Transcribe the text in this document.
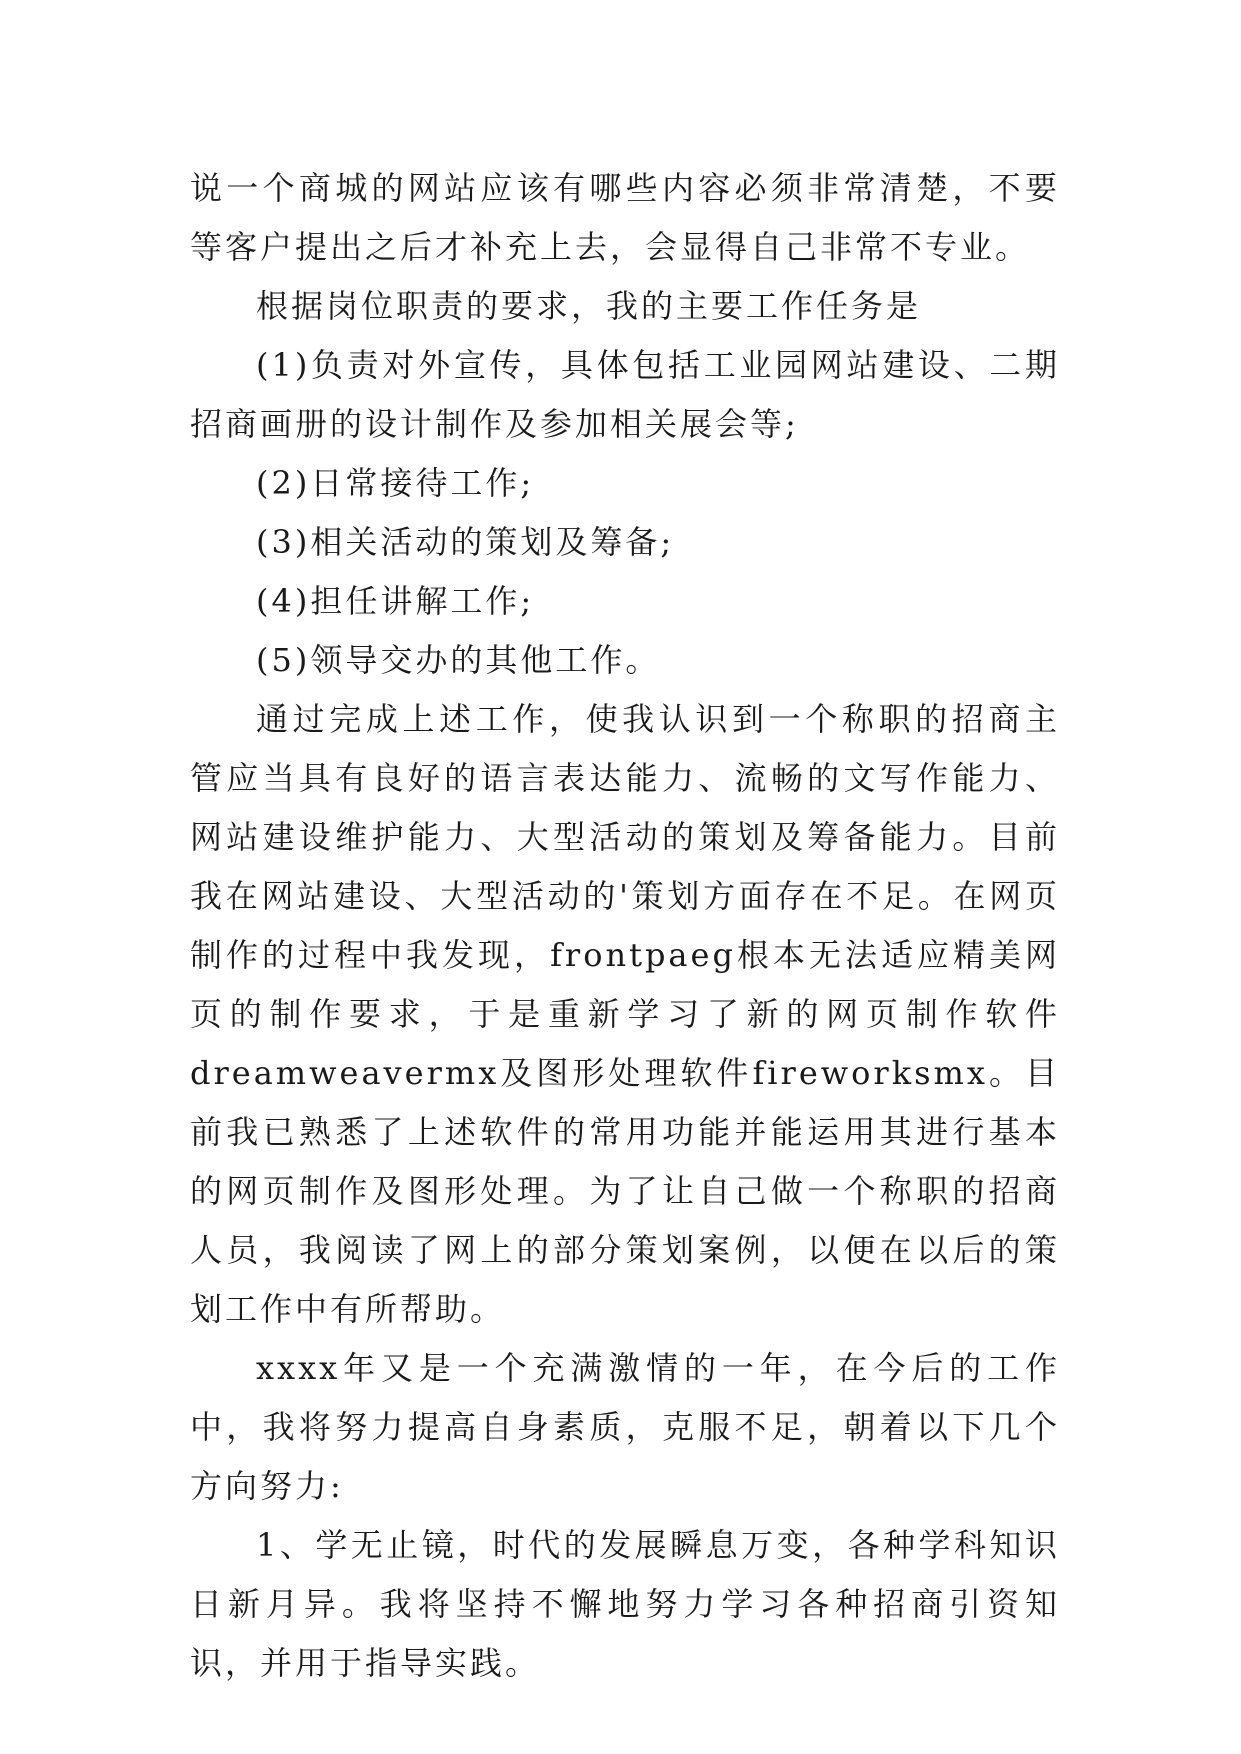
说一个商城的网站应该有哪些内容必须非常清楚，不要等客户提出之后才补充上去，会显得自己非常不专业。

根据岗位职责的要求，我的主要工作任务是

(1)负责对外宣传，具体包括工业园网站建设、二期招商画册的设计制作及参加相关展会等;

(2)日常接待工作;

(3)相关活动的策划及筹备;

(4)担任讲解工作;

(5)领导交办的其他工作。

通过完成上述工作，使我认识到一个称职的招商主管应当具有良好的语言表达能力、流畅的文写作能力、网站建设维护能力、大型活动的策划及筹备能力。目前我在网站建设、大型活动的'策划方面存在不足。在网页制作的过程中我发现，frontpaeg根本无法适应精美网页的制作要求，于是重新学习了新的网页制作软件dreamweavermx及图形处理软件fireworksmx。目前我已熟悉了上述软件的常用功能并能运用其进行基本的网页制作及图形处理。为了让自己做一个称职的招商人员，我阅读了网上的部分策划案例，以便在以后的策划工作中有所帮助。

xxxx年又是一个充满激情的一年，在今后的工作中，我将努力提高自身素质，克服不足，朝着以下几个方向努力:

1、学无止镜，时代的发展瞬息万变，各种学科知识日新月异。我将坚持不懈地努力学习各种招商引资知识，并用于指导实践。
